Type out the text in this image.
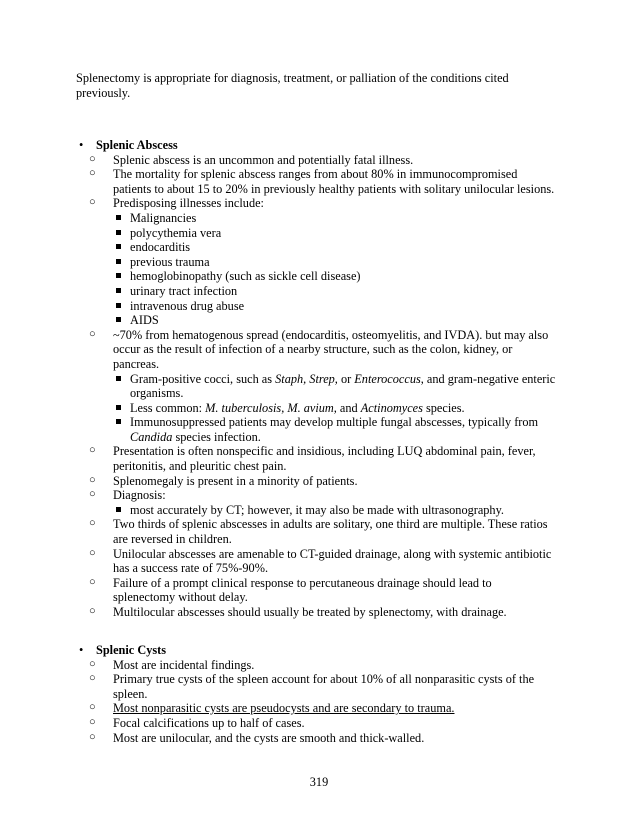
Splenectomy is appropriate for diagnosis, treatment, or palliation of the conditions cited previously.
• Splenic Abscess
○ Splenic abscess is an uncommon and potentially fatal illness.
○ The mortality for splenic abscess ranges from about 80% in immunocompromised patients to about 15 to 20% in previously healthy patients with solitary unilocular lesions.
○ Predisposing illnesses include:
Malignancies
polycythemia vera
endocarditis
previous trauma
hemoglobinopathy (such as sickle cell disease)
urinary tract infection
intravenous drug abuse
AIDS
○ ~70% from hematogenous spread (endocarditis, osteomyelitis, and IVDA). but may also occur as the result of infection of a nearby structure, such as the colon, kidney, or pancreas.
Gram-positive cocci, such as Staph, Strep, or Enterococcus, and gram-negative enteric organisms.
Less common: M. tuberculosis, M. avium, and Actinomyces species.
Immunosuppressed patients may develop multiple fungal abscesses, typically from Candida species infection.
○ Presentation is often nonspecific and insidious, including LUQ abdominal pain, fever, peritonitis, and pleuritic chest pain.
○ Splenomegaly is present in a minority of patients.
○ Diagnosis:
most accurately by CT; however, it may also be made with ultrasonography.
○ Two thirds of splenic abscesses in adults are solitary, one third are multiple. These ratios are reversed in children.
○ Unilocular abscesses are amenable to CT-guided drainage, along with systemic antibiotic has a success rate of 75%-90%.
○ Failure of a prompt clinical response to percutaneous drainage should lead to splenectomy without delay.
○ Multilocular abscesses should usually be treated by splenectomy, with drainage.
• Splenic Cysts
○ Most are incidental findings.
○ Primary true cysts of the spleen account for about 10% of all nonparasitic cysts of the spleen.
○ Most nonparasitic cysts are pseudocysts and are secondary to trauma.
○ Focal calcifications up to half of cases.
○ Most are unilocular, and the cysts are smooth and thick-walled.
319
